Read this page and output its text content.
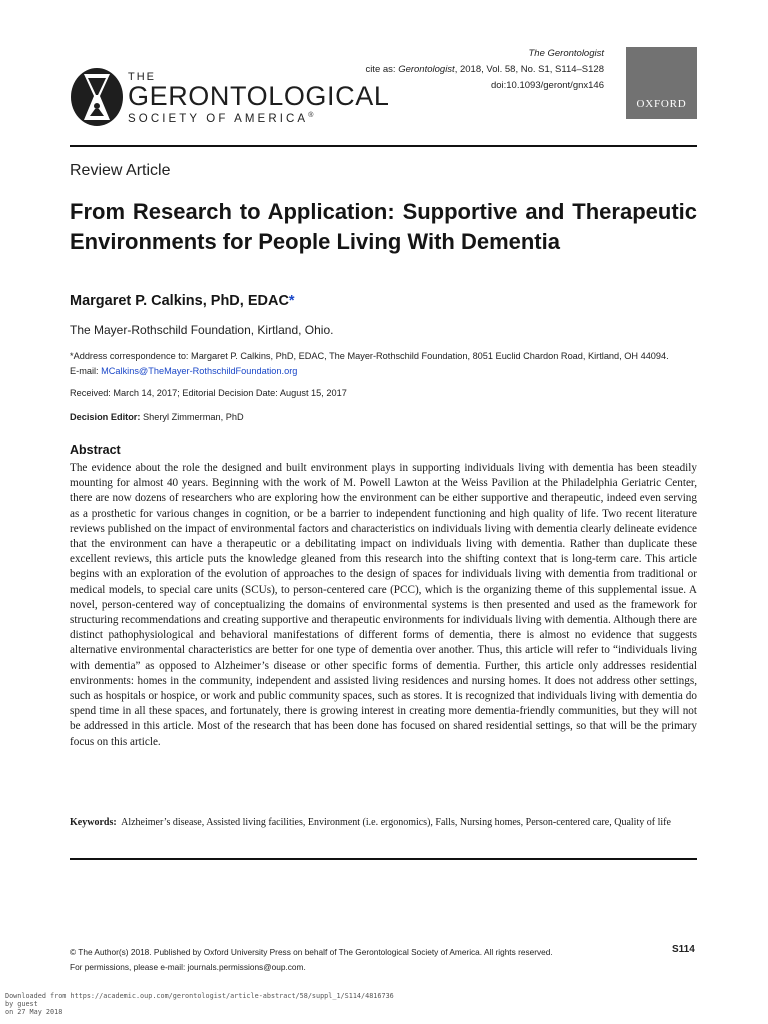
THE
GERONTOLOGICAL
SOCIETY OF AMERICA®
The Gerontologist
cite as: Gerontologist, 2018, Vol. 58, No. S1, S114–S128
doi:10.1093/geront/gnx146
OXFORD
Review Article
From Research to Application: Supportive and Therapeutic Environments for People Living With Dementia
Margaret P. Calkins, PhD, EDAC*
The Mayer-Rothschild Foundation, Kirtland, Ohio.
*Address correspondence to: Margaret P. Calkins, PhD, EDAC, The Mayer-Rothschild Foundation, 8051 Euclid Chardon Road, Kirtland, OH 44094.
E-mail: MCalkins@TheMayer-RothschildFoundation.org
Received: March 14, 2017; Editorial Decision Date: August 15, 2017
Decision Editor: Sheryl Zimmerman, PhD
Abstract
The evidence about the role the designed and built environment plays in supporting individuals living with dementia has been steadily mounting for almost 40 years. Beginning with the work of M. Powell Lawton at the Weiss Pavilion at the Philadelphia Geriatric Center, there are now dozens of researchers who are exploring how the environment can be either supportive and therapeutic, indeed even serving as a prosthetic for various changes in cognition, or be a barrier to independent functioning and high quality of life. Two recent literature reviews published on the impact of environmental factors and characteristics on individuals living with dementia clearly delineate evidence that the environment can have a therapeutic or a debilitating impact on individuals living with dementia. Rather than duplicate these excellent reviews, this article puts the knowledge gleaned from this research into the shifting context that is long-term care. This article begins with an exploration of the evolution of approaches to the design of spaces for individuals living with dementia from traditional or medical models, to special care units (SCUs), to person-centered care (PCC), which is the organizing theme of this supplemental issue. A novel, person-centered way of conceptualizing the domains of environmental systems is then presented and used as the framework for structuring recommendations and creating supportive and therapeutic environments for individuals living with dementia. Although there are distinct pathophysiological and behavioral manifestations of different forms of dementia, there is almost no evidence that suggests alternative environmental characteristics are better for one type of dementia over another. Thus, this article will refer to “individuals living with dementia” as opposed to Alzheimer’s disease or other specific forms of dementia. Further, this article only addresses residential environments: homes in the community, independent and assisted living residences and nursing homes. It does not address other settings, such as hospitals or hospice, or work and public community spaces, such as stores. It is recognized that individuals living with dementia do spend time in all these spaces, and fortunately, there is growing interest in creating more dementia-friendly communities, but they will not be addressed in this article. Most of the research that has been done has focused on shared residential settings, so that will be the primary focus on this article.
Keywords:  Alzheimer’s disease, Assisted living facilities, Environment (i.e. ergonomics), Falls, Nursing homes, Person-centered care, Quality of life
© The Author(s) 2018. Published by Oxford University Press on behalf of The Gerontological Society of America. All rights reserved.
For permissions, please e-mail: journals.permissions@oup.com.
S114
Downloaded from https://academic.oup.com/gerontologist/article-abstract/58/suppl_1/S114/4816736
by guest
on 27 May 2018
